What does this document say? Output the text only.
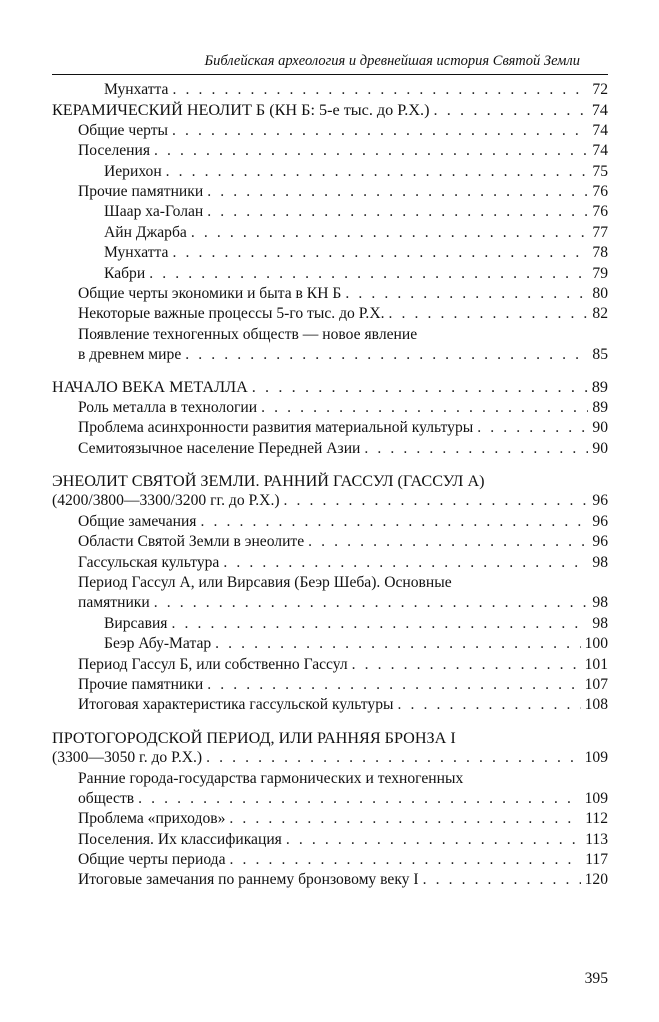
Библейская археология и древнейшая история Святой Земли
Мунхатта . . .	72
КЕРАМИЧЕСКИЙ НЕОЛИТ Б (КН Б: 5-е тыс. до Р.Х.) . . .	74
Общие черты . . .	74
Поселения . . .	74
Иерихон . . .	75
Прочие памятники . . .	76
Шаар ха-Голан . . .	76
Айн Джарба . . .	77
Мунхатта . . .	78
Кабри . . .	79
Общие черты экономики и быта в КН Б . . .	80
Некоторые важные процессы 5-го тыс. до Р.Х. . . .	82
Появление техногенных обществ — новое явление
в древнем мире . . .	85
НАЧАЛО ВЕКА МЕТАЛЛА . . .	89
Роль металла в технологии . . .	89
Проблема асинхронности развития материальной культуры . . .	90
Семитоязычное население Передней Азии . . .	90
ЭНЕОЛИТ СВЯТОЙ ЗЕМЛИ. РАННИЙ ГАССУЛ (ГАССУЛ А)
(4200/3800—3300/3200 гг. до Р.Х.) . . .	96
Общие замечания . . .	96
Области Святой Земли в энеолите . . .	96
Гассульская культура . . .	98
Период Гассул А, или Вирсавия (Беэр Шеба). Основные
памятники . . .	98
Вирсавия . . .	98
Беэр Абу-Матар . . .	100
Период Гассул Б, или собственно Гассул . . .	101
Прочие памятники . . .	107
Итоговая характеристика гассульской культуры . . .	108
ПРОТОГОРОДСКОЙ ПЕРИОД, ИЛИ РАННЯЯ БРОНЗА I
(3300—3050 г. до Р.Х.) . . .	109
Ранние города-государства гармонических и техногенных
обществ . . .	109
Проблема «приходов» . . .	112
Поселения. Их классификация . . .	113
Общие черты периода . . .	117
Итоговые замечания по раннему бронзовому веку I . . .	120
395
